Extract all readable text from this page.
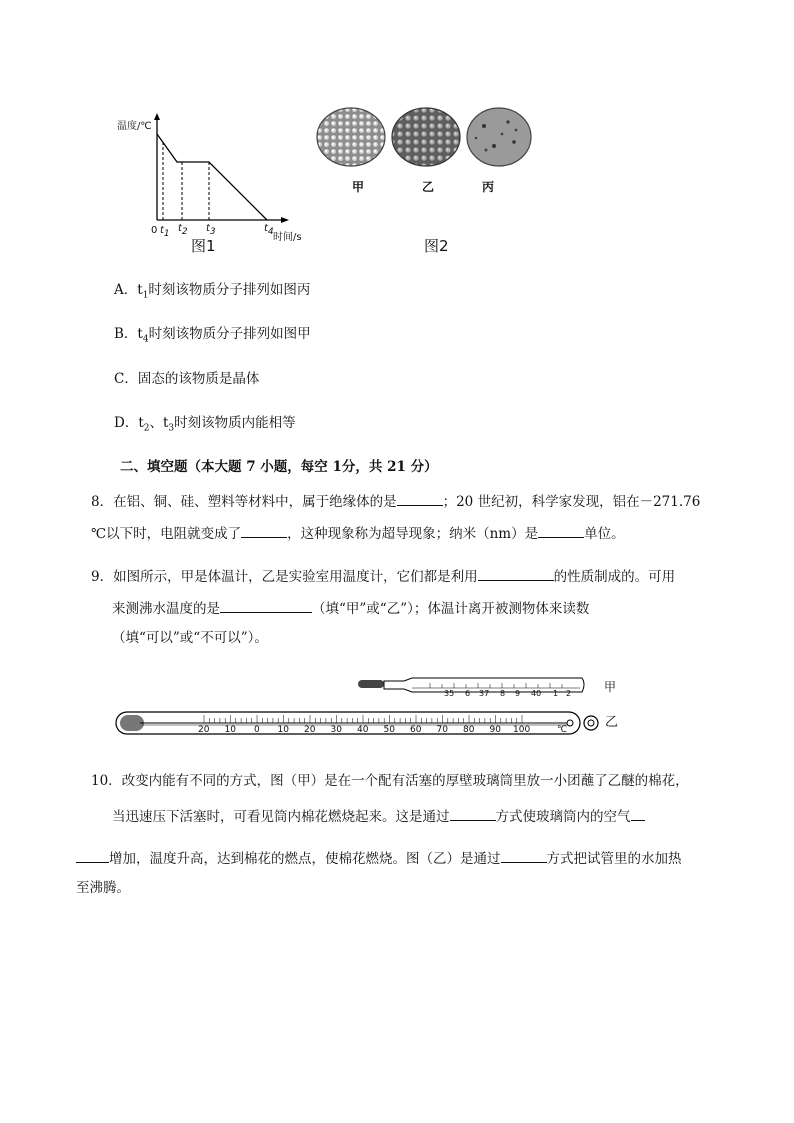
温度/℃
0 $t_1$ $t_2$ $t_3$	$t_4$ 时间/s
图1
甲	乙	丙
图2
A．$t_1$时刻该物质分子排列如图丙
B．$t_4$时刻该物质分子排列如图甲
C．固态的该物质是晶体
D．$t_2$、$t_3$时刻该物质内能相等
二、填空题（本大题 7 小题，每空 1分，共 21 分）
8．在铝、铜、硅、塑料等材料中，属于绝缘体的是	；20 世纪初，科学家发现，铝在－271.76
℃以下时，电阻就变成了	，这种现象称为超导现象；纳米（nm）是	单位。
9．如图所示，甲是体温计，乙是实验室用温度计，它们都是利用	的性质制成的。可用
来测沸水温度的是	（填“甲”或“乙”）；体温计离开被测物体来读数
（填“可以”或“不可以”）。
35 6 37 8 9 40 1 2	甲
20 10 0 10 20 30 40 50 60 70 80 90 100	℃	乙
10．改变内能有不同的方式，图（甲）是在一个配有活塞的厚壁玻璃筒里放一小团蘸了乙醚的棉花，
当迅速压下活塞时，可看见筒内棉花燃烧起来。这是通过	方式使玻璃筒内的空气
增加，温度升高，达到棉花的燃点，使棉花燃烧。图（乙）是通过	方式把试管里的水加热
至沸腾。
